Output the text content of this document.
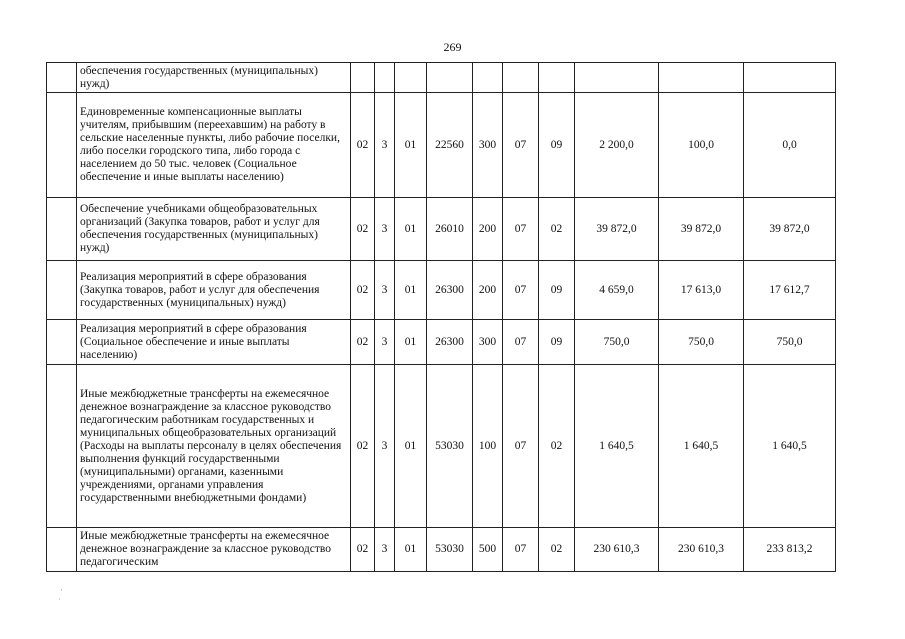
269
	обеспечения государственных (муниципальных) нужд)										
	Единовременные компенсационные выплаты учителям, прибывшим (переехавшим) на работу в сельские населенные пункты, либо рабочие поселки, либо поселки городского типа, либо города с населением до 50 тыс. человек (Социальное обеспечение и иные выплаты населению)	02	3	01	22560	300	07	09	2 200,0	100,0	0,0
	Обеспечение учебниками общеобразовательных организаций (Закупка товаров, работ и услуг для обеспечения государственных (муниципальных) нужд)	02	3	01	26010	200	07	02	39 872,0	39 872,0	39 872,0
	Реализация мероприятий в сфере образования (Закупка товаров, работ и услуг для обеспечения государственных (муниципальных) нужд)	02	3	01	26300	200	07	09	4 659,0	17 613,0	17 612,7
	Реализация мероприятий в сфере образования (Социальное обеспечение и иные выплаты населению)	02	3	01	26300	300	07	09	750,0	750,0	750,0
	Иные межбюджетные трансферты на ежемесячное денежное вознаграждение за классное руководство педагогическим работникам государственных и муниципальных общеобразовательных организаций (Расходы на выплаты персоналу в целях обеспечения выполнения функций государственными (муниципальными) органами, казенными учреждениями, органами управления государственными внебюджетными фондами)	02	3	01	53030	100	07	02	1 640,5	1 640,5	1 640,5
	Иные межбюджетные трансферты на ежемесячное денежное вознаграждение за классное руководство педагогическим	02	3	01	53030	500	07	02	230 610,3	230 610,3	233 813,2
·
˙
